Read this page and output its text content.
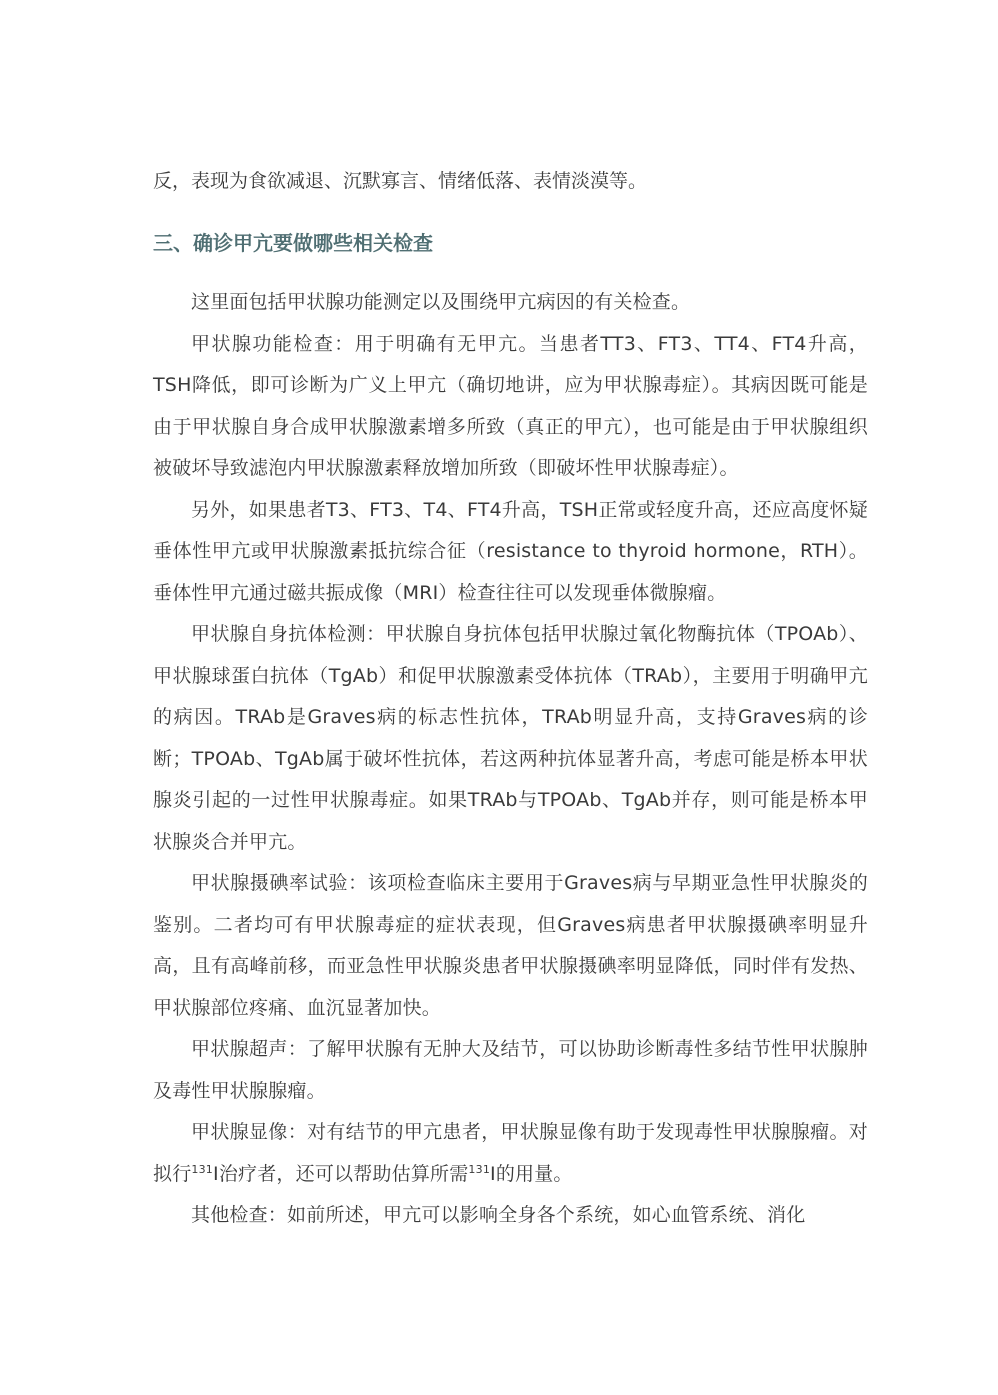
反，表现为食欲减退、沉默寡言、情绪低落、表情淡漠等。

三、确诊甲亢要做哪些相关检查

这里面包括甲状腺功能测定以及围绕甲亢病因的有关检查。

甲状腺功能检查：用于明确有无甲亢。当患者TT3、FT3、TT4、FT4升高，TSH降低，即可诊断为广义上甲亢（确切地讲，应为甲状腺毒症）。其病因既可能是由于甲状腺自身合成甲状腺激素增多所致（真正的甲亢），也可能是由于甲状腺组织被破坏导致滤泡内甲状腺激素释放增加所致（即破坏性甲状腺毒症）。

另外，如果患者T3、FT3、T4、FT4升高，TSH正常或轻度升高，还应高度怀疑垂体性甲亢或甲状腺激素抵抗综合征（resistance to thyroid hormone，RTH）。垂体性甲亢通过磁共振成像（MRI）检查往往可以发现垂体微腺瘤。

甲状腺自身抗体检测：甲状腺自身抗体包括甲状腺过氧化物酶抗体（TPOAb）、甲状腺球蛋白抗体（TgAb）和促甲状腺激素受体抗体（TRAb），主要用于明确甲亢的病因。TRAb是Graves病的标志性抗体，TRAb明显升高，支持Graves病的诊断；TPOAb、TgAb属于破坏性抗体，若这两种抗体显著升高，考虑可能是桥本甲状腺炎引起的一过性甲状腺毒症。如果TRAb与TPOAb、TgAb并存，则可能是桥本甲状腺炎合并甲亢。

甲状腺摄碘率试验：该项检查临床主要用于Graves病与早期亚急性甲状腺炎的鉴别。二者均可有甲状腺毒症的症状表现，但Graves病患者甲状腺摄碘率明显升高，且有高峰前移，而亚急性甲状腺炎患者甲状腺摄碘率明显降低，同时伴有发热、甲状腺部位疼痛、血沉显著加快。

甲状腺超声：了解甲状腺有无肿大及结节，可以协助诊断毒性多结节性甲状腺肿及毒性甲状腺腺瘤。

甲状腺显像：对有结节的甲亢患者，甲状腺显像有助于发现毒性甲状腺腺瘤。对拟行$^{131}$I治疗者，还可以帮助估算所需$^{131}$I的用量。

其他检查：如前所述，甲亢可以影响全身各个系统，如心血管系统、消化
